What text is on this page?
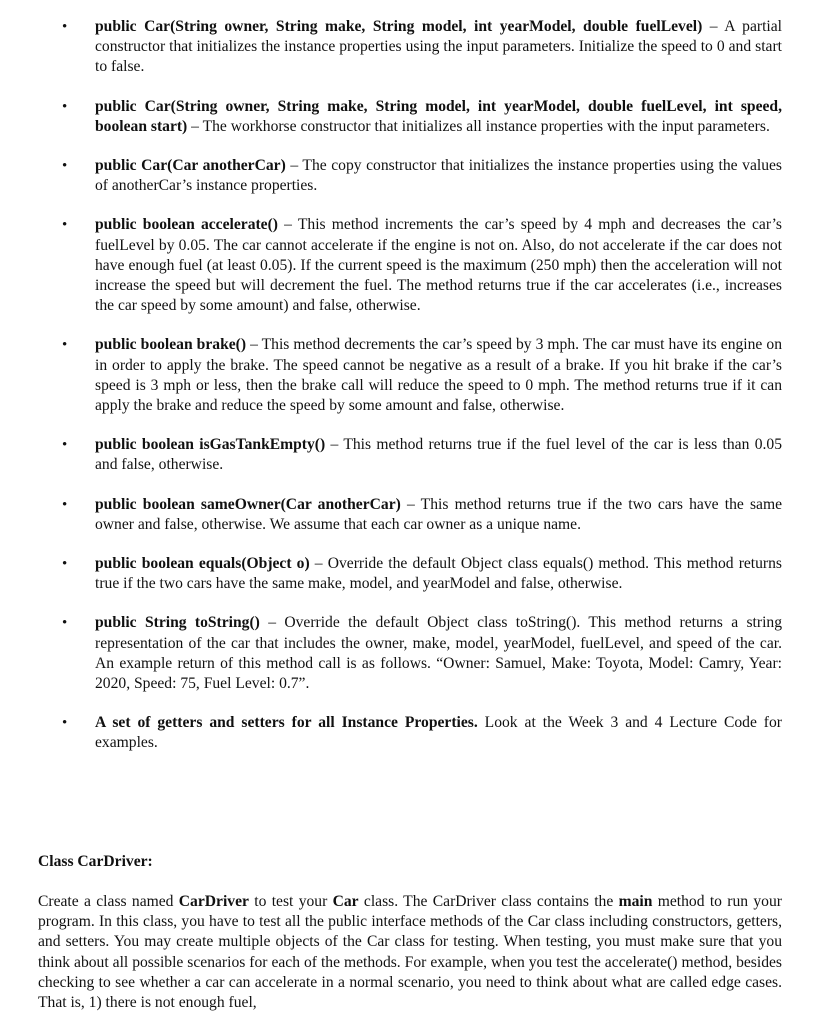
• public Car(String owner, String make, String model, int yearModel, double fuelLevel) – A partial constructor that initializes the instance properties using the input parameters. Initialize the speed to 0 and start to false.
• public Car(String owner, String make, String model, int yearModel, double fuelLevel, int speed, boolean start) – The workhorse constructor that initializes all instance properties with the input parameters.
• public Car(Car anotherCar) – The copy constructor that initializes the instance properties using the values of anotherCar’s instance properties.
• public boolean accelerate() – This method increments the car’s speed by 4 mph and decreases the car’s fuelLevel by 0.05. The car cannot accelerate if the engine is not on. Also, do not accelerate if the car does not have enough fuel (at least 0.05). If the current speed is the maximum (250 mph) then the acceleration will not increase the speed but will decrement the fuel. The method returns true if the car accelerates (i.e., increases the car speed by some amount) and false, otherwise.
• public boolean brake() – This method decrements the car’s speed by 3 mph. The car must have its engine on in order to apply the brake. The speed cannot be negative as a result of a brake. If you hit brake if the car’s speed is 3 mph or less, then the brake call will reduce the speed to 0 mph. The method returns true if it can apply the brake and reduce the speed by some amount and false, otherwise.
• public boolean isGasTankEmpty() – This method returns true if the fuel level of the car is less than 0.05 and false, otherwise.
• public boolean sameOwner(Car anotherCar) – This method returns true if the two cars have the same owner and false, otherwise. We assume that each car owner as a unique name.
• public boolean equals(Object o) – Override the default Object class equals() method. This method returns true if the two cars have the same make, model, and yearModel and false, otherwise.
• public String toString() – Override the default Object class toString(). This method returns a string representation of the car that includes the owner, make, model, yearModel, fuelLevel, and speed of the car. An example return of this method call is as follows. “Owner: Samuel, Make: Toyota, Model: Camry, Year: 2020, Speed: 75, Fuel Level: 0.7”.
• A set of getters and setters for all Instance Properties. Look at the Week 3 and 4 Lecture Code for examples.
Class CarDriver:

Create a class named CarDriver to test your Car class. The CarDriver class contains the main method to run your program. In this class, you have to test all the public interface methods of the Car class including constructors, getters, and setters. You may create multiple objects of the Car class for testing. When testing, you must make sure that you think about all possible scenarios for each of the methods. For example, when you test the accelerate() method, besides checking to see whether a car can accelerate in a normal scenario, you need to think about what are called edge cases. That is, 1) there is not enough fuel,
